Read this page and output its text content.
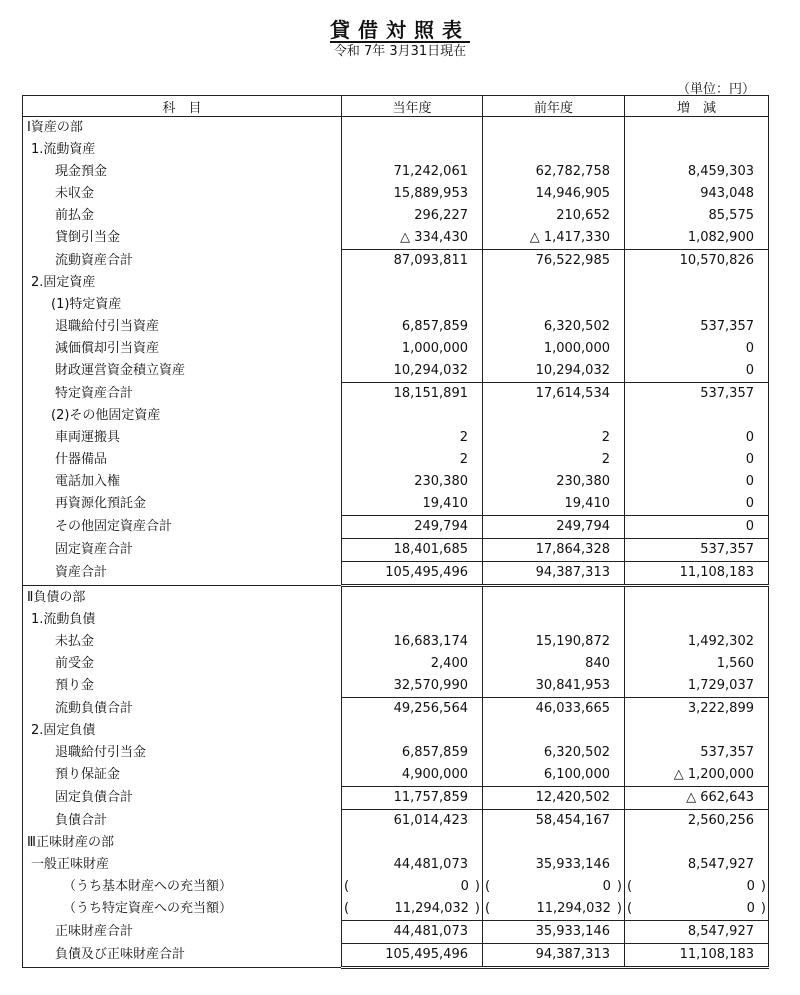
貸借対照表
令和 7年 3月31日現在
（単位：円）
科　目	当年度	前年度	増　減
Ⅰ資産の部			
1.流動資産			
現金預金	71,242,061	62,782,758	8,459,303
未収金	15,889,953	14,946,905	943,048
前払金	296,227	210,652	85,575
貸倒引当金	△ 334,430	△ 1,417,330	1,082,900
流動資産合計	87,093,811	76,522,985	10,570,826
2.固定資産			
(1)特定資産			
退職給付引当資産	6,857,859	6,320,502	537,357
減価償却引当資産	1,000,000	1,000,000	0
財政運営資金積立資産	10,294,032	10,294,032	0
特定資産合計	18,151,891	17,614,534	537,357
(2)その他固定資産			
車両運搬具	2	2	0
什器備品	2	2	0
電話加入権	230,380	230,380	0
再資源化預託金	19,410	19,410	0
その他固定資産合計	249,794	249,794	0
固定資産合計	18,401,685	17,864,328	537,357
資産合計	105,495,496	94,387,313	11,108,183
Ⅱ負債の部			
1.流動負債			
未払金	16,683,174	15,190,872	1,492,302
前受金	2,400	840	1,560
預り金	32,570,990	30,841,953	1,729,037
流動負債合計	49,256,564	46,033,665	3,222,899
2.固定負債			
退職給付引当金	6,857,859	6,320,502	537,357
預り保証金	4,900,000	6,100,000	△ 1,200,000
固定負債合計	11,757,859	12,420,502	△ 662,643
負債合計	61,014,423	58,454,167	2,560,256
Ⅲ正味財産の部			
一般正味財産	44,481,073	35,933,146	8,547,927
（うち基本財産への充当額）	( 0 )	( 0 )	( 0 )

（うち特定資産への充当額）	( 11,294,032 )	( 11,294,032 )	( 0 )

正味財産合計	44,481,073	35,933,146	8,547,927
負債及び正味財産合計	105,495,496	94,387,313	11,108,183
